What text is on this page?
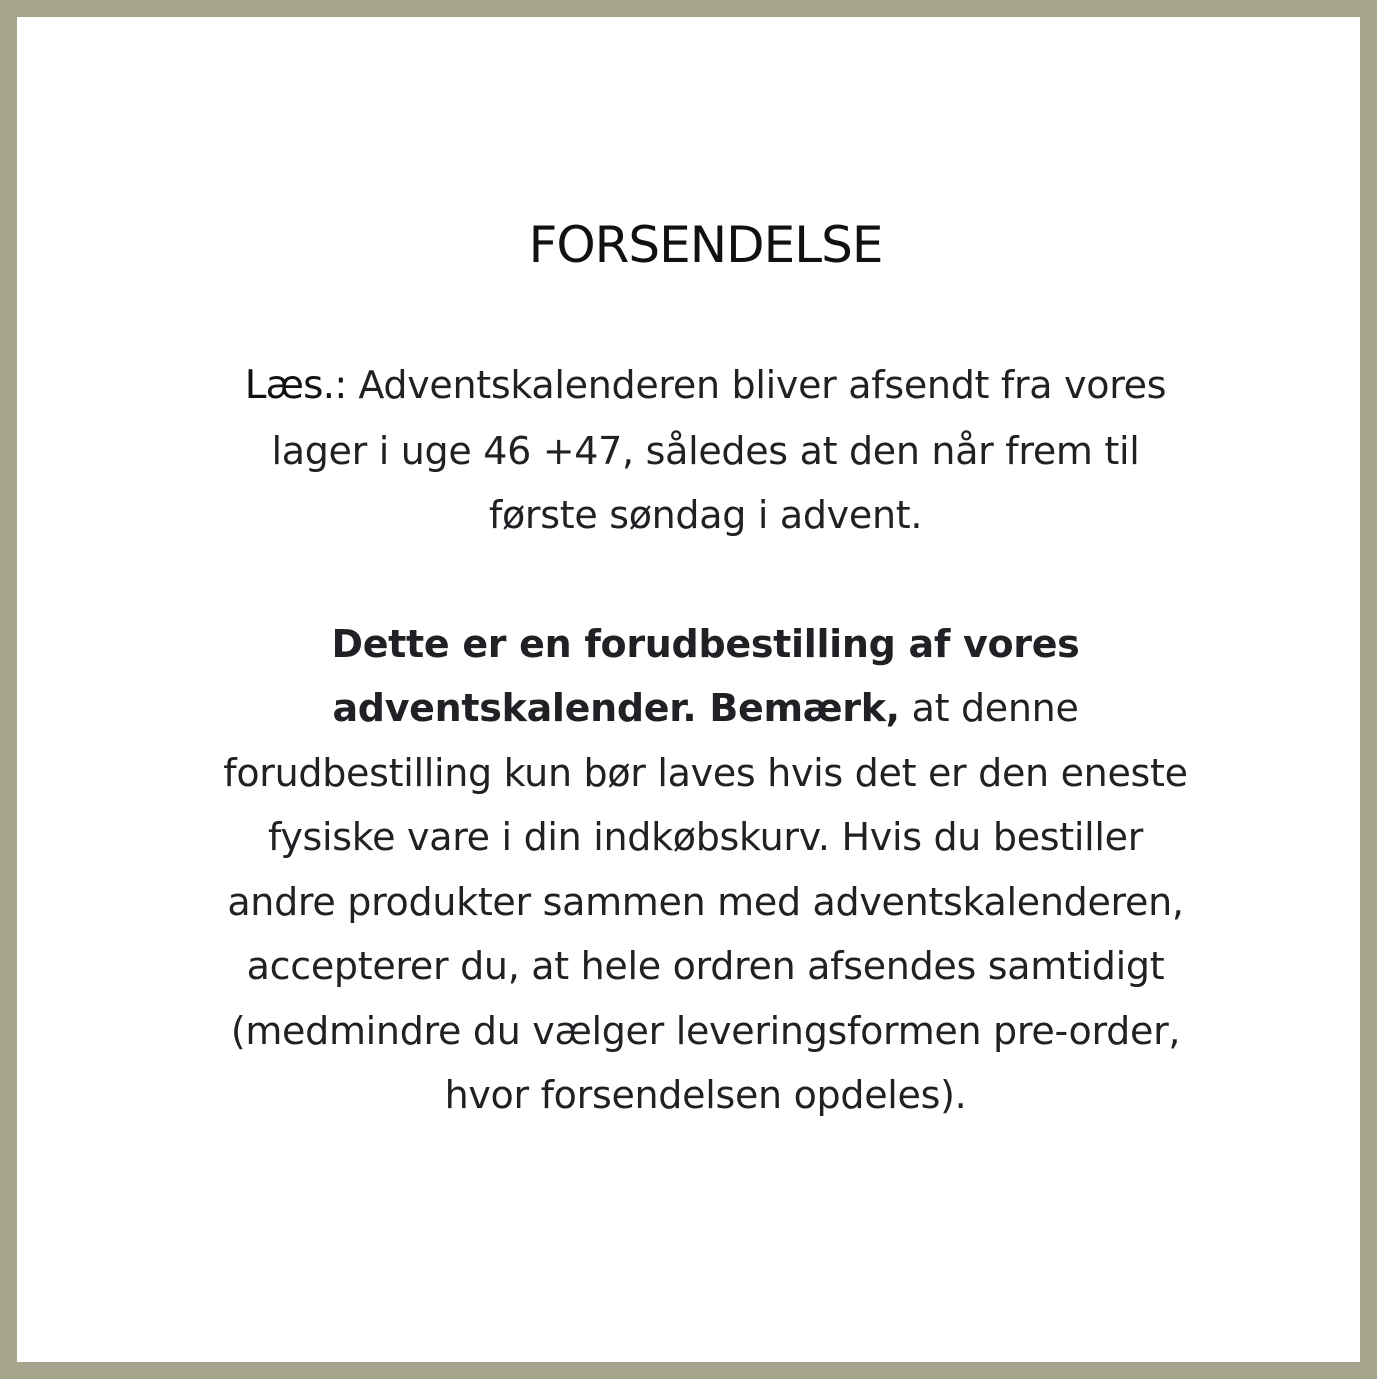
FORSENDELSE

Læs.: Adventskalenderen bliver afsendt fra vores lager i uge 46 +47, således at den når frem til første søndag i advent.

Dette er en forudbestilling af vores adventskalender. Bemærk, at denne forudbestilling kun bør laves hvis det er den eneste fysiske vare i din indkøbskurv. Hvis du bestiller andre produkter sammen med adventskalenderen, accepterer du, at hele ordren afsendes samtidigt (medmindre du vælger leveringsformen pre-order, hvor forsendelsen opdeles).
